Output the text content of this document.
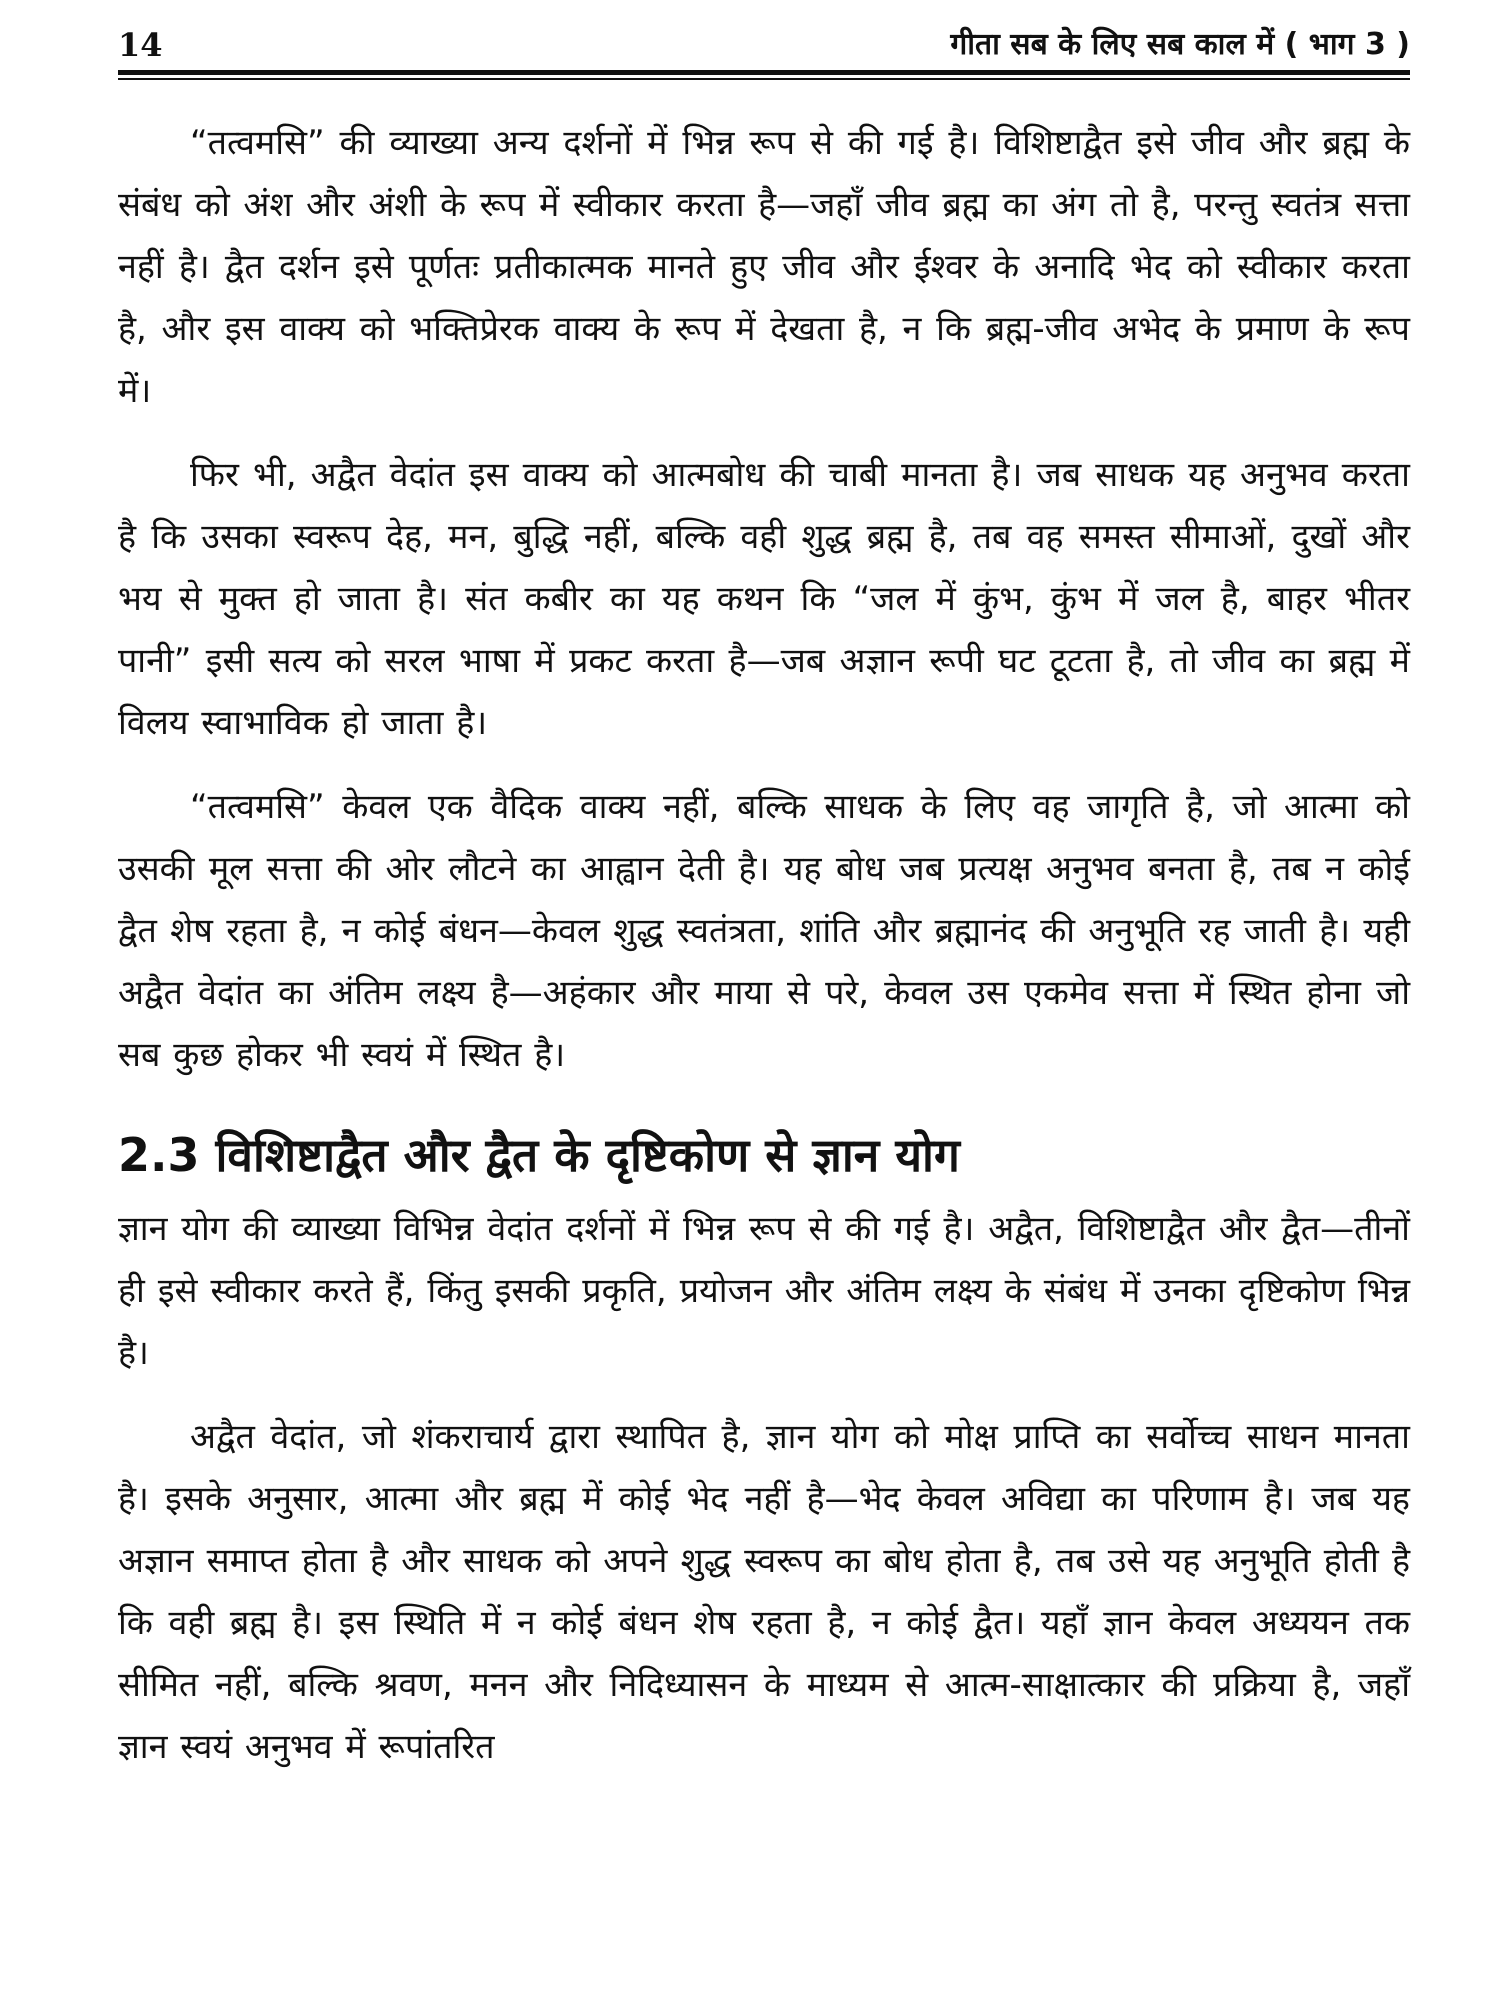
14	गीता सब के लिए सब काल में ( भाग 3 )

“तत्वमसि” की व्याख्या अन्य दर्शनों में भिन्न रूप से की गई है। विशिष्टाद्वैत इसे जीव और ब्रह्म के संबंध को अंश और अंशी के रूप में स्वीकार करता है—जहाँ जीव ब्रह्म का अंग तो है, परन्तु स्वतंत्र सत्ता नहीं है। द्वैत दर्शन इसे पूर्णतः प्रतीकात्मक मानते हुए जीव और ईश्वर के अनादि भेद को स्वीकार करता है, और इस वाक्य को भक्तिप्रेरक वाक्य के रूप में देखता है, न कि ब्रह्म-जीव अभेद के प्रमाण के रूप में।

फिर भी, अद्वैत वेदांत इस वाक्य को आत्मबोध की चाबी मानता है। जब साधक यह अनुभव करता है कि उसका स्वरूप देह, मन, बुद्धि नहीं, बल्कि वही शुद्ध ब्रह्म है, तब वह समस्त सीमाओं, दुखों और भय से मुक्त हो जाता है। संत कबीर का यह कथन कि “जल में कुंभ, कुंभ में जल है, बाहर भीतर पानी” इसी सत्य को सरल भाषा में प्रकट करता है—जब अज्ञान रूपी घट टूटता है, तो जीव का ब्रह्म में विलय स्वाभाविक हो जाता है।

“तत्वमसि” केवल एक वैदिक वाक्य नहीं, बल्कि साधक के लिए वह जागृति है, जो आत्मा को उसकी मूल सत्ता की ओर लौटने का आह्वान देती है। यह बोध जब प्रत्यक्ष अनुभव बनता है, तब न कोई द्वैत शेष रहता है, न कोई बंधन—केवल शुद्ध स्वतंत्रता, शांति और ब्रह्मानंद की अनुभूति रह जाती है। यही अद्वैत वेदांत का अंतिम लक्ष्य है—अहंकार और माया से परे, केवल उस एकमेव सत्ता में स्थित होना जो सब कुछ होकर भी स्वयं में स्थित है।

2.3 विशिष्टाद्वैत और द्वैत के दृष्टिकोण से ज्ञान योग

ज्ञान योग की व्याख्या विभिन्न वेदांत दर्शनों में भिन्न रूप से की गई है। अद्वैत, विशिष्टाद्वैत और द्वैत—तीनों ही इसे स्वीकार करते हैं, किंतु इसकी प्रकृति, प्रयोजन और अंतिम लक्ष्य के संबंध में उनका दृष्टिकोण भिन्न है।

अद्वैत वेदांत, जो शंकराचार्य द्वारा स्थापित है, ज्ञान योग को मोक्ष प्राप्ति का सर्वोच्च साधन मानता है। इसके अनुसार, आत्मा और ब्रह्म में कोई भेद नहीं है—भेद केवल अविद्या का परिणाम है। जब यह अज्ञान समाप्त होता है और साधक को अपने शुद्ध स्वरूप का बोध होता है, तब उसे यह अनुभूति होती है कि वही ब्रह्म है। इस स्थिति में न कोई बंधन शेष रहता है, न कोई द्वैत। यहाँ ज्ञान केवल अध्ययन तक सीमित नहीं, बल्कि श्रवण, मनन और निदिध्यासन के माध्यम से आत्म-साक्षात्कार की प्रक्रिया है, जहाँ ज्ञान स्वयं अनुभव में रूपांतरित
